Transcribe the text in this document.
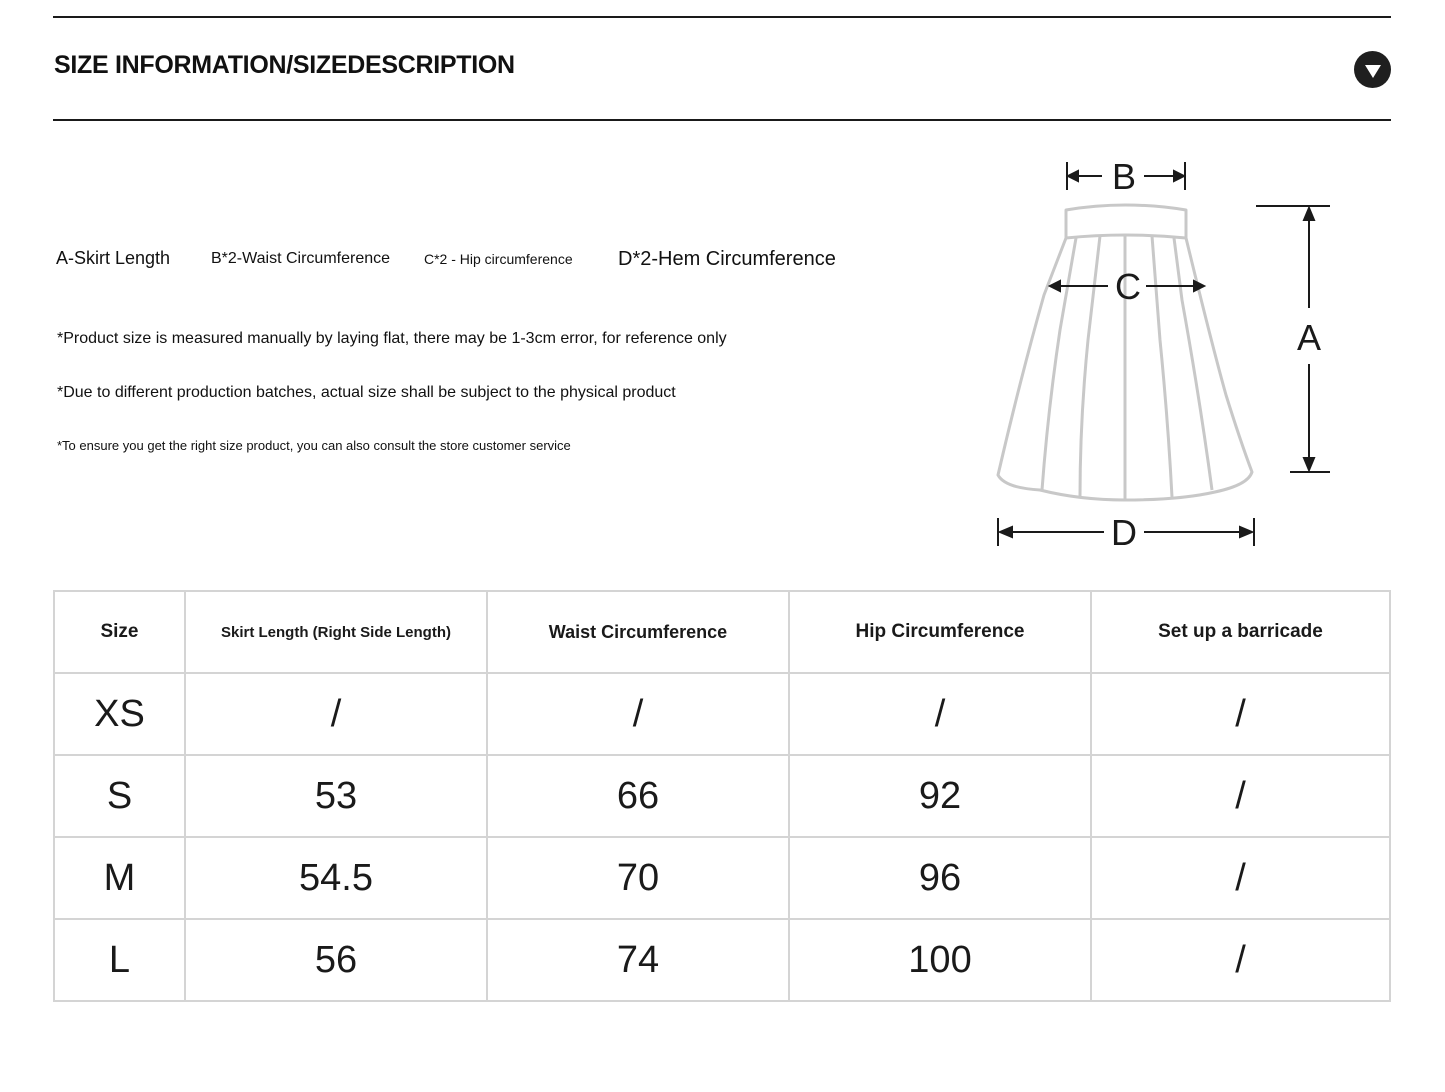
SIZE INFORMATION/SIZEDESCRIPTION
A-Skirt Length	B*2-Waist Circumference C*2 - Hip circumference D*2-Hem Circumference
*Product size is measured manually by laying flat, there may be 1-3cm error, for reference only
*Due to different production batches, actual size shall be subject to the physical product
*To ensure you get the right size product, you can also consult the store customer service
B
C
A
D
Size	Skirt Length (Right Side Length)	Waist Circumference	Hip Circumference	Set up a barricade
XS	/	/	/	/
S	53	66	92	/
M	54.5	70	96	/
L	56	74	100	/
